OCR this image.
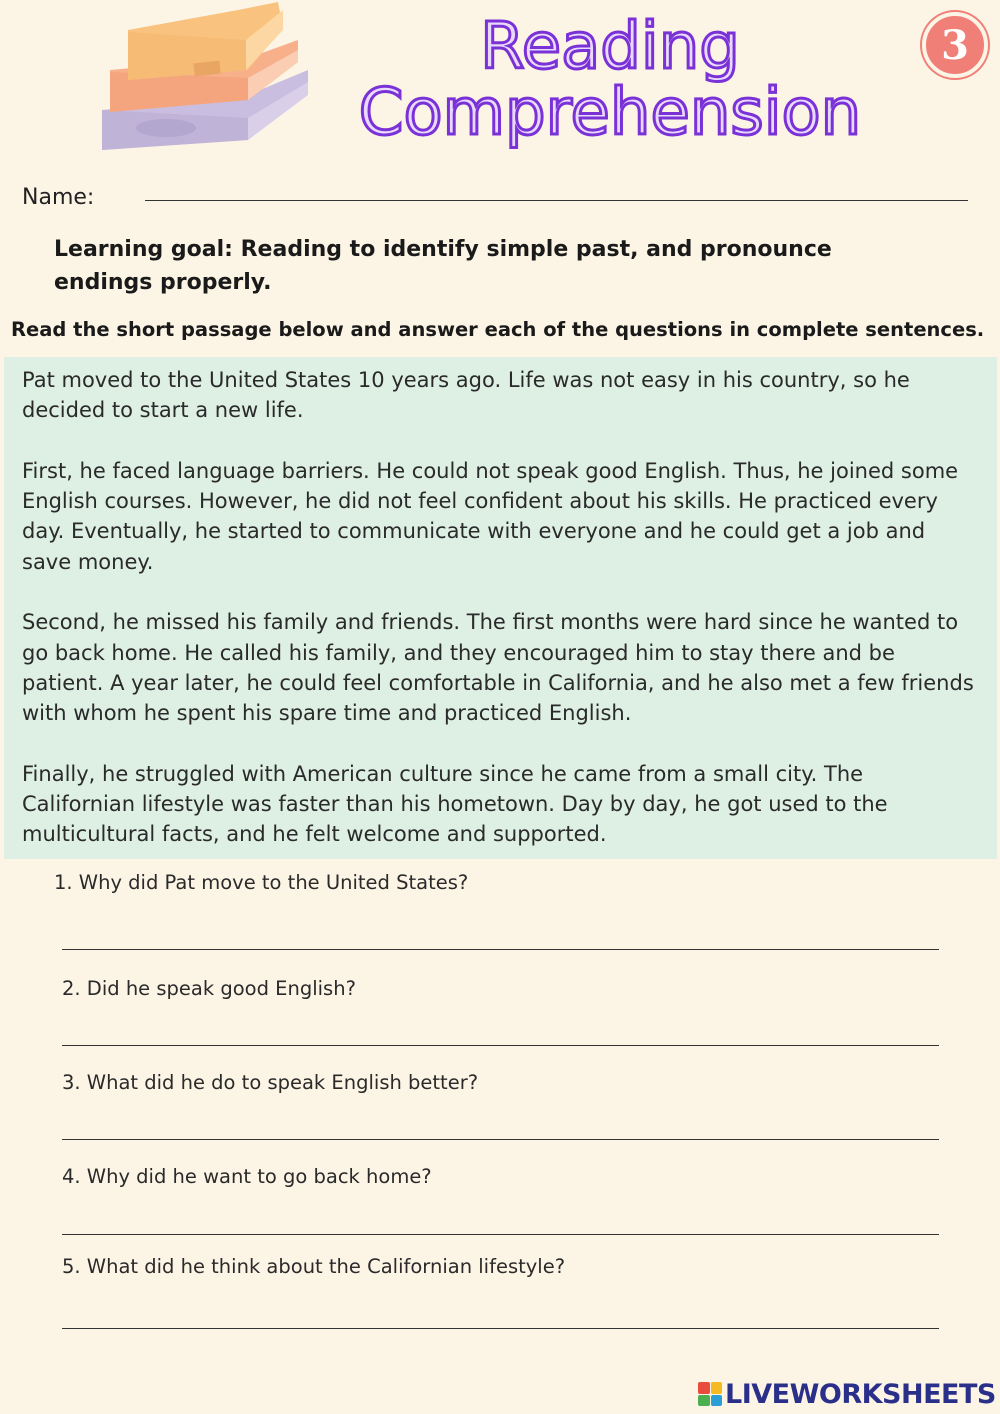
Reading
Comprehension
3
Name:
Learning goal: Reading to identify simple past, and pronounce endings properly.
Read the short passage below and answer each of the questions in complete sentences.

Pat moved to the United States 10 years ago. Life was not easy in his country, so he decided to start a new life.

First, he faced language barriers. He could not speak good English. Thus, he joined some English courses. However, he did not feel confident about his skills. He practiced every day. Eventually, he started to communicate with everyone and he could get a job and save money.

Second, he missed his family and friends. The first months were hard since he wanted to go back home. He called his family, and they encouraged him to stay there and be patient. A year later, he could feel comfortable in California, and he also met a few friends with whom he spent his spare time and practiced English.

Finally, he struggled with American culture since he came from a small city. The Californian lifestyle was faster than his hometown. Day by day, he got used to the multicultural facts, and he felt welcome and supported.

1. Why did Pat move to the United States?
2. Did he speak good English?
3. What did he do to speak English better?
4. Why did he want to go back home?
5. What did he think about the Californian lifestyle?
LIVEWORKSHEETS
